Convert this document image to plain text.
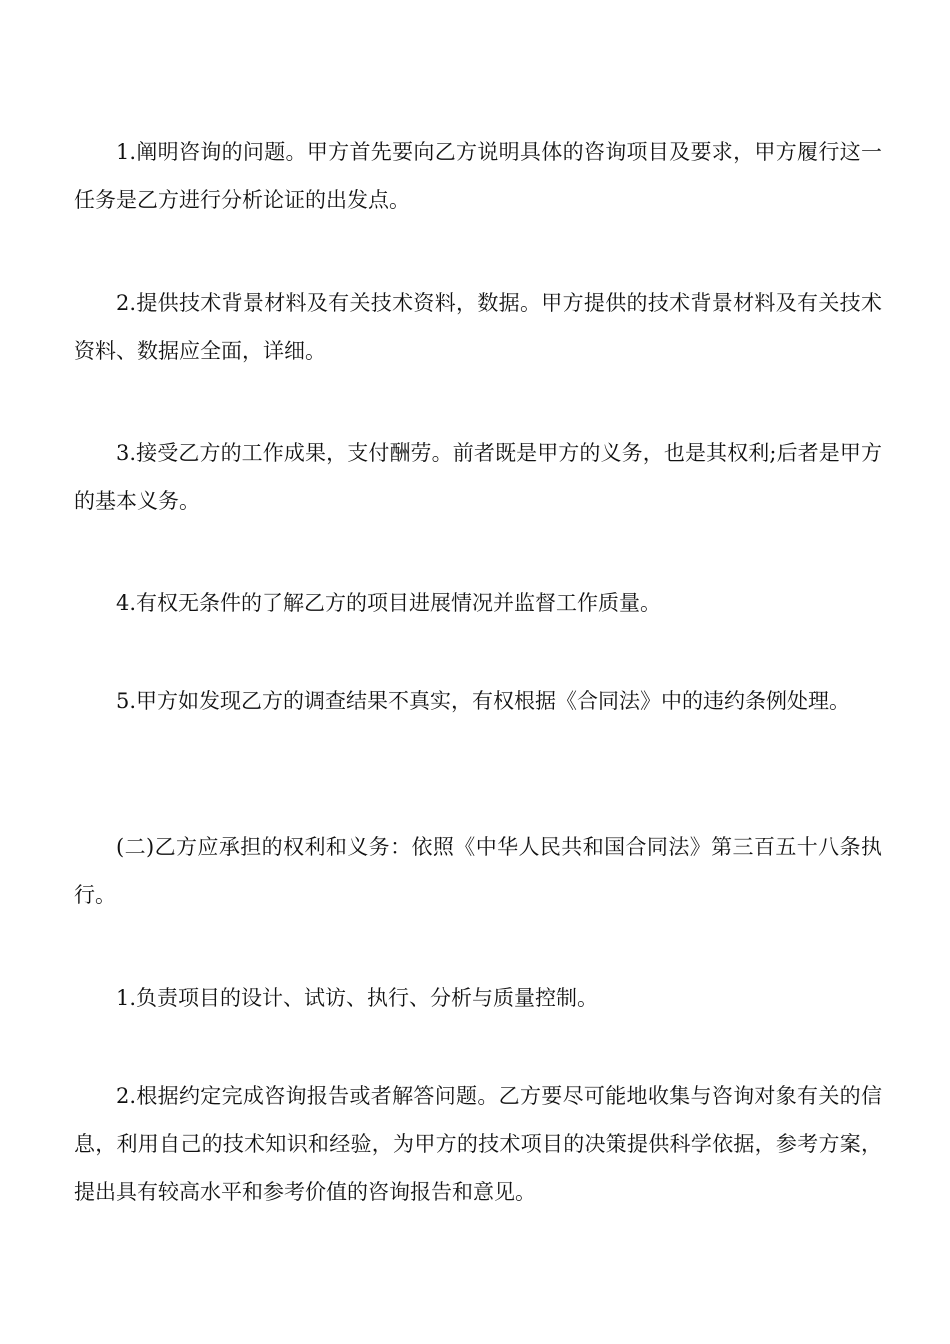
1.阐明咨询的问题。甲方首先要向乙方说明具体的咨询项目及要求，甲方履行这一任务是乙方进行分析论证的出发点。

2.提供技术背景材料及有关技术资料，数据。甲方提供的技术背景材料及有关技术资料、数据应全面，详细。

3.接受乙方的工作成果，支付酬劳。前者既是甲方的义务，也是其权利;后者是甲方的基本义务。

4.有权无条件的了解乙方的项目进展情况并监督工作质量。

5.甲方如发现乙方的调查结果不真实，有权根据《合同法》中的违约条例处理。

(二)乙方应承担的权利和义务：依照《中华人民共和国合同法》第三百五十八条执行。

1.负责项目的设计、试访、执行、分析与质量控制。

2.根据约定完成咨询报告或者解答问题。乙方要尽可能地收集与咨询对象有关的信息，利用自己的技术知识和经验，为甲方的技术项目的决策提供科学依据，参考方案，提出具有较高水平和参考价值的咨询报告和意见。
